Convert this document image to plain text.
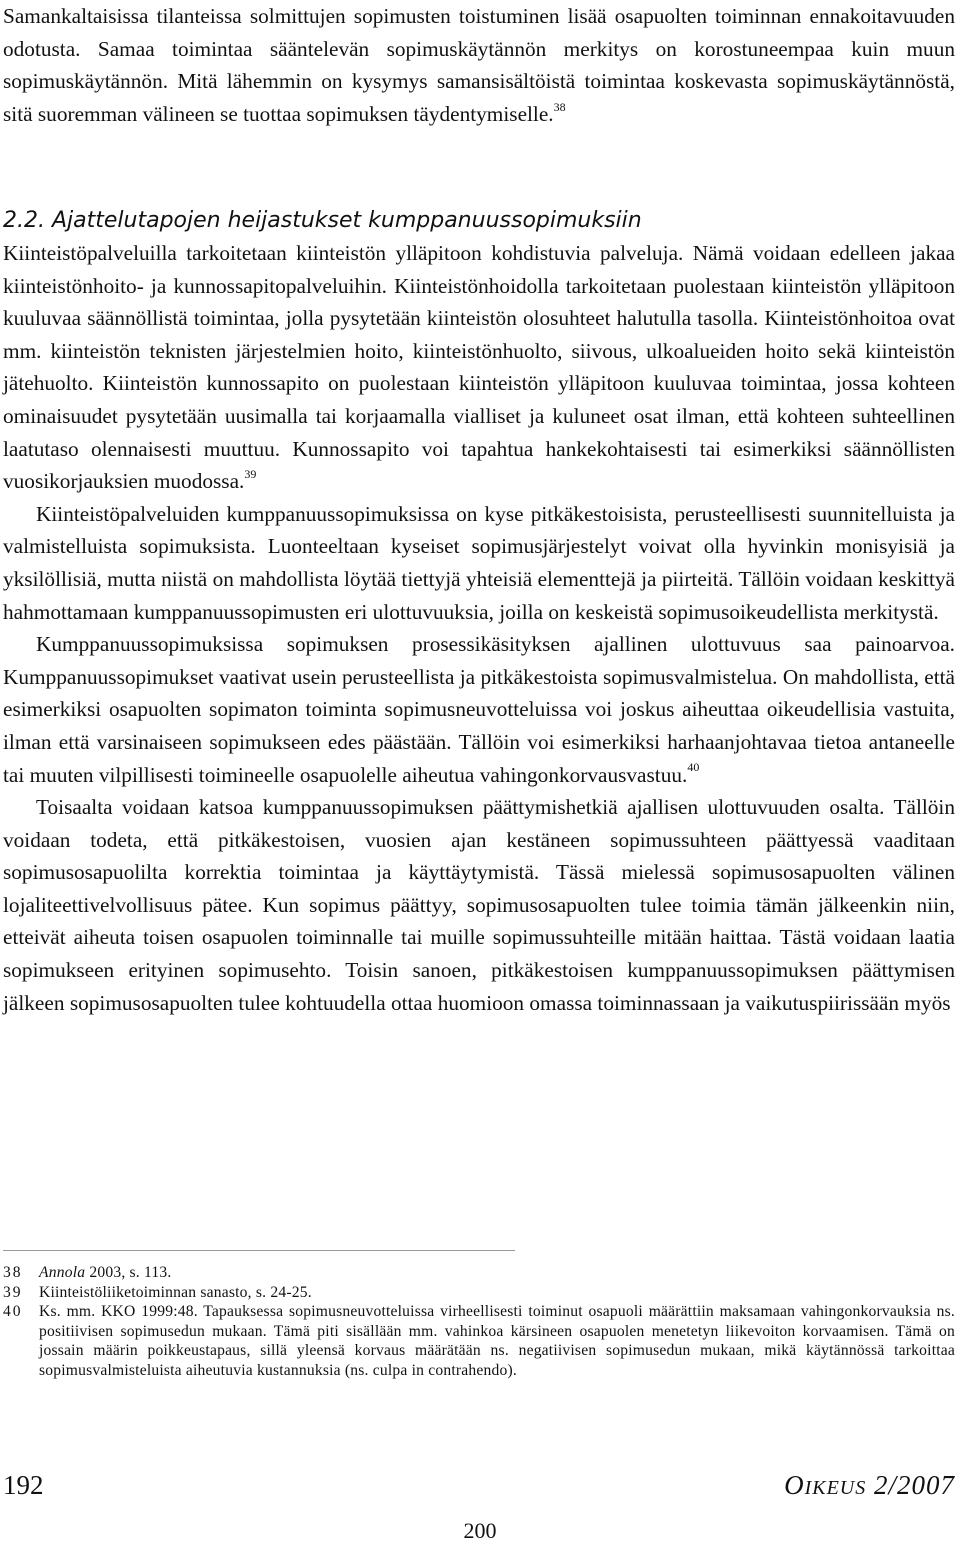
Samankaltaisissa tilanteissa solmittujen sopimusten toistuminen lisää osapuolten toiminnan ennakoitavuuden odotusta. Samaa toimintaa sääntelevän sopimuskäytännön merkitys on korostuneempaa kuin muun sopimuskäytännön. Mitä lähemmin on kysymys samansisältöistä toimintaa koskevasta sopimuskäytännöstä, sitä suoremman välineen se tuottaa sopimuksen täydentymiselle.$^{38}$

2.2. Ajattelutapojen heijastukset kumppanuussopimuksiin

Kiinteistöpalveluilla tarkoitetaan kiinteistön ylläpitoon kohdistuvia palveluja. Nämä voidaan edelleen jakaa kiinteistönhoito- ja kunnossapitopalveluihin. Kiinteistönhoidolla tarkoitetaan puolestaan kiinteistön ylläpitoon kuuluvaa säännöllistä toimintaa, jolla pysytetään kiinteistön olosuhteet halutulla tasolla. Kiinteistönhoitoa ovat mm. kiinteistön teknisten järjestelmien hoito, kiinteistönhuolto, siivous, ulkoalueiden hoito sekä kiinteistön jätehuolto. Kiinteistön kunnossapito on puolestaan kiinteistön ylläpitoon kuuluvaa toimintaa, jossa kohteen ominaisuudet pysytetään uusimalla tai korjaamalla vialliset ja kuluneet osat ilman, että kohteen suhteellinen laatutaso olennaisesti muuttuu. Kunnossapito voi tapahtua hankekohtaisesti tai esimerkiksi säännöllisten vuosikorjauksien muodossa.$^{39}$

Kiinteistöpalveluiden kumppanuussopimuksissa on kyse pitkäkestoisista, perusteellisesti suunnitelluista ja valmistelluista sopimuksista. Luonteeltaan kyseiset sopimusjärjestelyt voivat olla hyvinkin monisyisiä ja yksilöllisiä, mutta niistä on mahdollista löytää tiettyjä yhteisiä elementtejä ja piirteitä. Tällöin voidaan keskittyä hahmottamaan kumppanuussopimusten eri ulottuvuuksia, joilla on keskeistä sopimusoikeudellista merkitystä.

Kumppanuussopimuksissa sopimuksen prosessikäsityksen ajallinen ulottuvuus saa painoarvoa. Kumppanuussopimukset vaativat usein perusteellista ja pitkäkestoista sopimusvalmistelua. On mahdollista, että esimerkiksi osapuolten sopimaton toiminta sopimusneuvotteluissa voi joskus aiheuttaa oikeudellisia vastuita, ilman että varsinaiseen sopimukseen edes päästään. Tällöin voi esimerkiksi harhaanjohtavaa tietoa antaneelle tai muuten vilpillisesti toimineelle osapuolelle aiheutua vahingonkorvausvastuu.$^{40}$

Toisaalta voidaan katsoa kumppanuussopimuksen päättymishetkiä ajallisen ulottuvuuden osalta. Tällöin voidaan todeta, että pitkäkestoisen, vuosien ajan kestäneen sopimussuhteen päättyessä vaaditaan sopimusosapuolilta korrektia toimintaa ja käyttäytymistä. Tässä mielessä sopimusosapuolten välinen lojaliteettivelvollisuus pätee. Kun sopimus päättyy, sopimusosapuolten tulee toimia tämän jälkeenkin niin, etteivät aiheuta toisen osapuolen toiminnalle tai muille sopimussuhteille mitään haittaa. Tästä voidaan laatia sopimukseen erityinen sopimusehto. Toisin sanoen, pitkäkestoisen kumppanuussopimuksen päättymisen jälkeen sopimusosapuolten tulee kohtuudella ottaa huomioon omassa toiminnassaan ja vaikutuspiirissään myös

38	Annola 2003, s. 113.

39	Kiinteistöliiketoiminnan sanasto, s. 24-25.

40	Ks. mm. KKO 1999:48. Tapauksessa sopimusneuvotteluissa virheellisesti toiminut osapuoli määrättiin maksamaan vahingonkorvauksia ns. positiivisen sopimusedun mukaan. Tämä piti sisällään mm. vahinkoa kärsineen osapuolen menetetyn liikevoiton korvaamisen. Tämä on jossain määrin poikkeustapaus, sillä yleensä korvaus määrätään ns. negatiivisen sopimusedun mukaan, mikä käytännössä tarkoittaa sopimusvalmisteluista aiheutuvia kustannuksia (ns. culpa in contrahendo).

192	OIKEUS 2/2007
200
